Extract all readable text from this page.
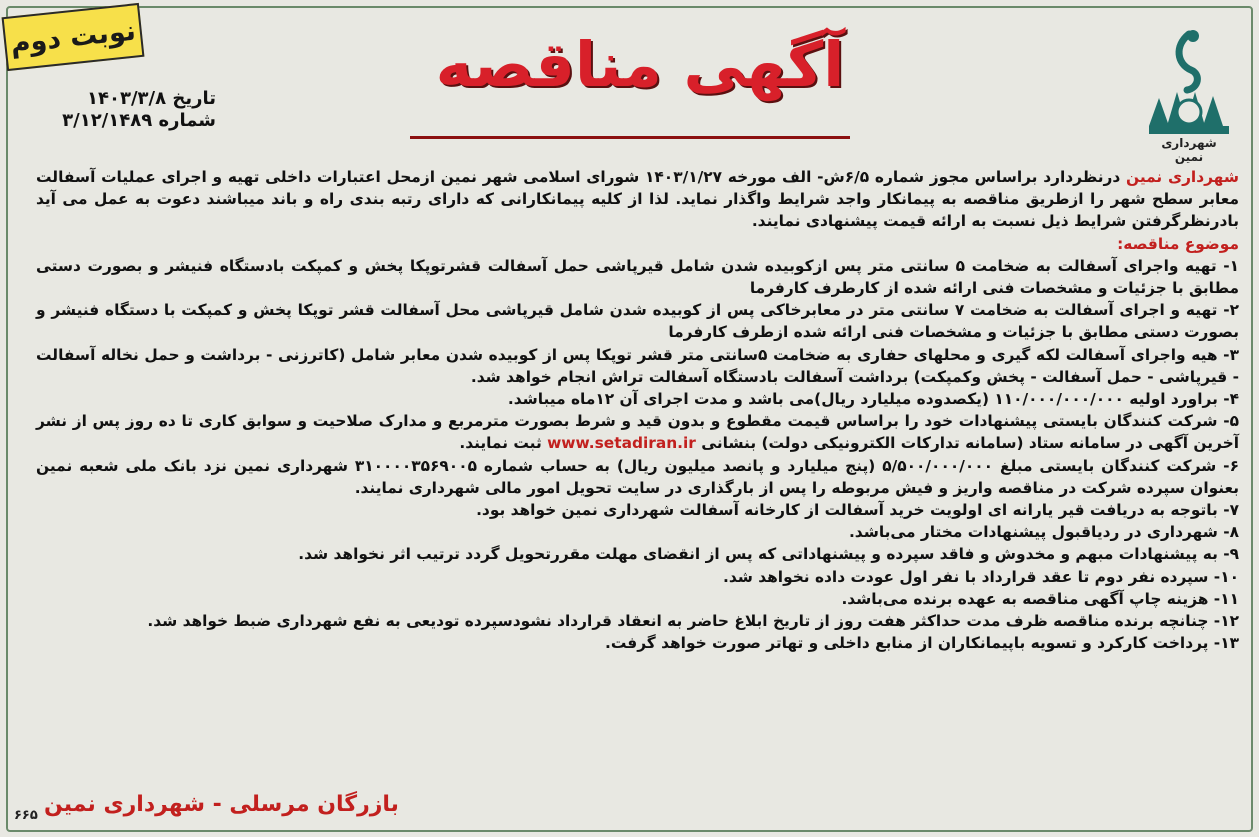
نوبت دوم	آگهی مناقصه
تاریخ ۱۴۰۳/۳/۸
شماره ۳/۱۲/۱۴۸۹
شهرداری نمین

شهرداری نمین درنظردارد براساس مجوز شماره ۶/۵ش- الف مورخه ۱۴۰۳/۱/۲۷ شورای اسلامی شهر نمین ازمحل اعتبارات داخلی تهیه و اجرای عملیات آسفالت معابر سطح شهر را ازطریق مناقصه به پیمانکار واجد شرایط واگذار نماید. لذا از کلیه پیمانکارانی که دارای رتبه بندی راه و باند میباشند دعوت به عمل می آید بادرنظرگرفتن شرایط ذیل نسبت به ارائه قیمت پیشنهادی نمایند.

موضوع مناقصه:

۱- تهیه واجرای آسفالت به ضخامت ۵ سانتی متر پس ازکوبیده شدن شامل قیرپاشی حمل آسفالت قشرتوپکا پخش و کمپکت بادستگاه فنیشر و بصورت دستی مطابق با جزئیات و مشخصات فنی ارائه شده از کارطرف کارفرما

۲- تهیه و اجرای آسفالت به ضخامت ۷ سانتی متر در معابرخاکی پس از کوبیده شدن شامل قیرپاشی محل آسفالت قشر توپکا پخش و کمپکت با دستگاه فنیشر و بصورت دستی مطابق با جزئیات و مشخصات فنی ارائه شده ازطرف کارفرما

۳- هیه واجرای آسفالت لکه گیری و محلهای حفاری به ضخامت ۵سانتی متر قشر توپکا پس از کوبیده شدن معابر شامل (کاترزنی - برداشت و حمل نخاله آسفالت - قیرپاشی - حمل آسفالت - پخش وکمپکت) برداشت آسفالت بادستگاه آسفالت تراش انجام خواهد شد.

۴- براورد اولیه ۱۱۰/۰۰۰/۰۰۰/۰۰۰ (یکصدوده میلیارد ریال)می باشد و مدت اجرای آن ۱۲ماه میباشد.

۵- شرکت کنندگان بایستی پیشنهادات خود را براساس قیمت مقطوع و بدون قید و شرط بصورت مترمربع و مدارک صلاحیت و سوابق کاری تا ده روز پس از نشر آخرین آگهی در سامانه ستاد (سامانه تدارکات الکترونیکی دولت) بنشانی www.setadiran.ir ثبت نمایند.

۶- شرکت کنندگان بایستی مبلغ ۵/۵۰۰/۰۰۰/۰۰۰ (پنج میلیارد و پانصد میلیون ریال) به حساب شماره ۳۱۰۰۰۰۳۵۶۹۰۰۵ شهرداری نمین نزد بانک ملی شعبه نمین بعنوان سپرده شرکت در مناقصه واریز و فیش مربوطه را پس از بارگذاری در سایت تحویل امور مالی شهرداری نمایند.

۷- باتوجه به دریافت قیر یارانه ای اولویت خرید آسفالت از کارخانه آسفالت شهرداری نمین خواهد بود.

۸- شهرداری در ردیاقبول پیشنهادات مختار می‌باشد.

۹- به پیشنهادات مبهم و مخدوش و فاقد سپرده و پیشنهاداتی که پس از انقضای مهلت مقررتحویل گردد ترتیب اثر نخواهد شد.

۱۰- سپرده نفر دوم تا عقد قرارداد با نفر اول عودت داده نخواهد شد.

۱۱- هزینه چاپ آگهی مناقصه به عهده برنده می‌باشد.

۱۲- چنانچه برنده مناقصه ظرف مدت حداکثر هفت روز از تاریخ ابلاغ حاضر به انعقاد قرارداد نشودسپرده تودیعی به نفع شهرداری ضبط خواهد شد.

۱۳- پرداخت کارکرد و تسویه باپیمانکاران از منابع داخلی و تهاتر صورت خواهد گرفت.

بازرگان مرسلی - شهرداری نمین
۶۶۵
